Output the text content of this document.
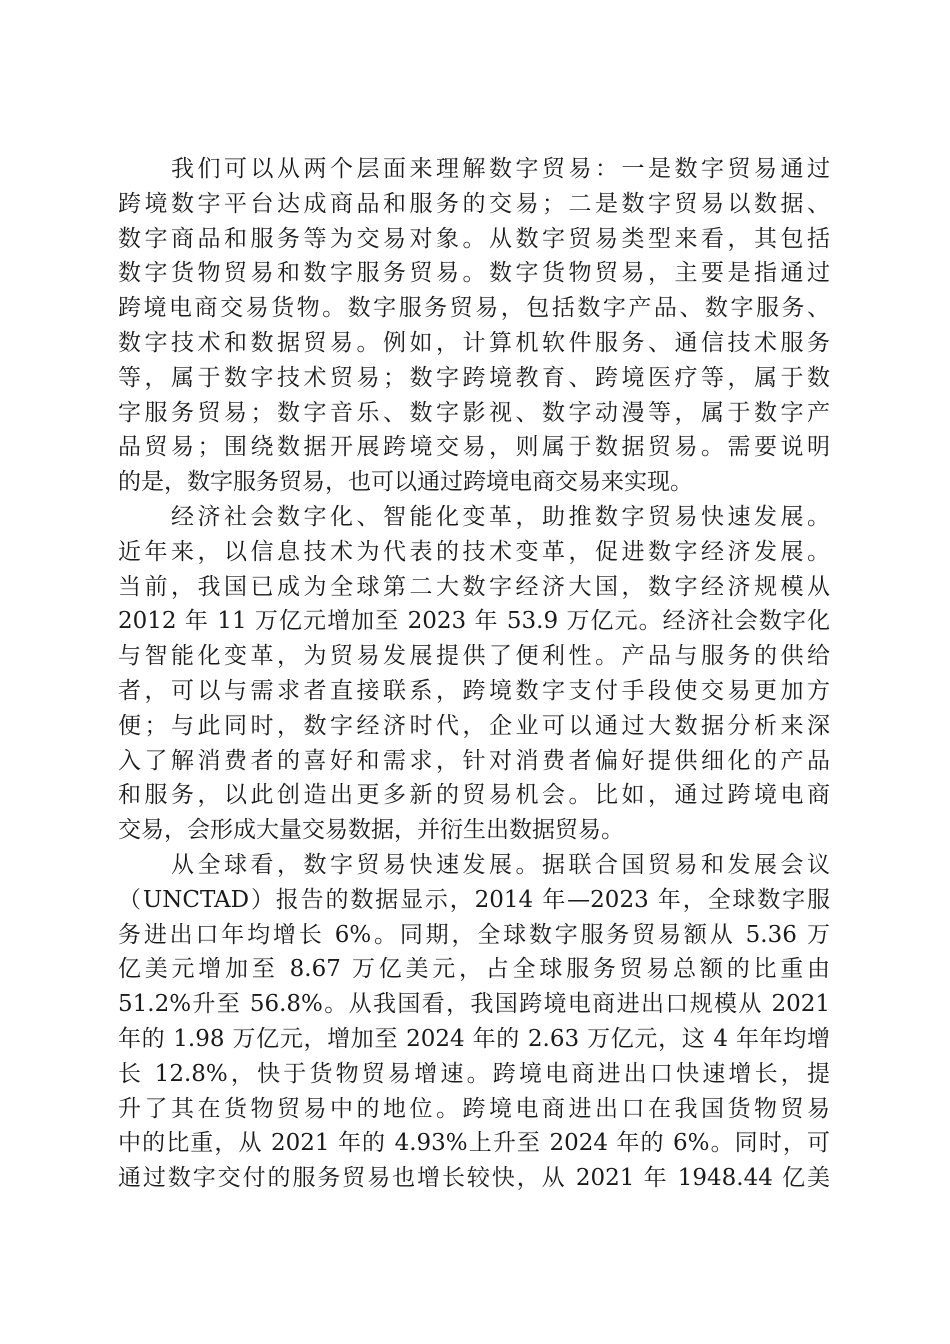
　　我们可以从两个层面来理解数字贸易：一是数字贸易通过
跨境数字平台达成商品和服务的交易；二是数字贸易以数据、
数字商品和服务等为交易对象。从数字贸易类型来看，其包括
数字货物贸易和数字服务贸易。数字货物贸易，主要是指通过
跨境电商交易货物。数字服务贸易，包括数字产品、数字服务、
数字技术和数据贸易。例如，计算机软件服务、通信技术服务
等，属于数字技术贸易；数字跨境教育、跨境医疗等，属于数
字服务贸易；数字音乐、数字影视、数字动漫等，属于数字产
品贸易；围绕数据开展跨境交易，则属于数据贸易。需要说明
的是，数字服务贸易，也可以通过跨境电商交易来实现。
　　经济社会数字化、智能化变革，助推数字贸易快速发展。
近年来，以信息技术为代表的技术变革，促进数字经济发展。
当前，我国已成为全球第二大数字经济大国，数字经济规模从
2012 年 11 万亿元增加至 2023 年 53.9 万亿元。经济社会数字化
与智能化变革，为贸易发展提供了便利性。产品与服务的供给
者，可以与需求者直接联系，跨境数字支付手段使交易更加方
便；与此同时，数字经济时代，企业可以通过大数据分析来深
入了解消费者的喜好和需求，针对消费者偏好提供细化的产品
和服务，以此创造出更多新的贸易机会。比如，通过跨境电商
交易，会形成大量交易数据，并衍生出数据贸易。
　　从全球看，数字贸易快速发展。据联合国贸易和发展会议
（UNCTAD）报告的数据显示，2014 年—2023 年，全球数字服
务进出口年均增长 6%。同期，全球数字服务贸易额从 5.36 万
亿美元增加至 8.67 万亿美元，占全球服务贸易总额的比重由
51.2%升至 56.8%。从我国看，我国跨境电商进出口规模从 2021
年的 1.98 万亿元，增加至 2024 年的 2.63 万亿元，这 4 年年均增
长 12.8%，快于货物贸易增速。跨境电商进出口快速增长，提
升了其在货物贸易中的地位。跨境电商进出口在我国货物贸易
中的比重，从 2021 年的 4.93%上升至 2024 年的 6%。同时，可
通过数字交付的服务贸易也增长较快，从 2021 年 1948.44 亿美
